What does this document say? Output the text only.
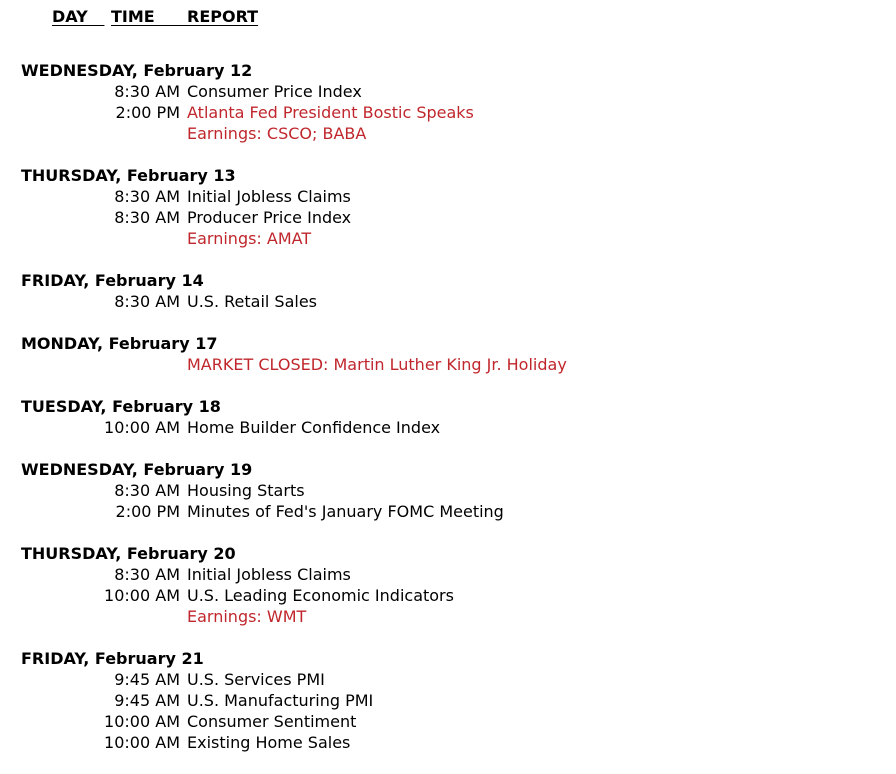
DAY TIME
REPORT
WEDNESDAY, February 12
8:30 AM Consumer Price Index
2:00 PM Atlanta Fed President Bostic Speaks
Earnings: CSCO; BABA
THURSDAY, February 13
8:30 AM Initial Jobless Claims
8:30 AM Producer Price Index
Earnings: AMAT
FRIDAY, February 14
8:30 AM U.S. Retail Sales
MONDAY, February 17
MARKET CLOSED: Martin Luther King Jr. Holiday
TUESDAY, February 18
10:00 AM Home Builder Confidence Index
WEDNESDAY, February 19
8:30 AM Housing Starts
2:00 PM Minutes of Fed's January FOMC Meeting
THURSDAY, February 20
8:30 AM Initial Jobless Claims
10:00 AM U.S. Leading Economic Indicators
Earnings: WMT
FRIDAY, February 21
9:45 AM U.S. Services PMI
9:45 AM U.S. Manufacturing PMI
10:00 AM Consumer Sentiment
10:00 AM Existing Home Sales
